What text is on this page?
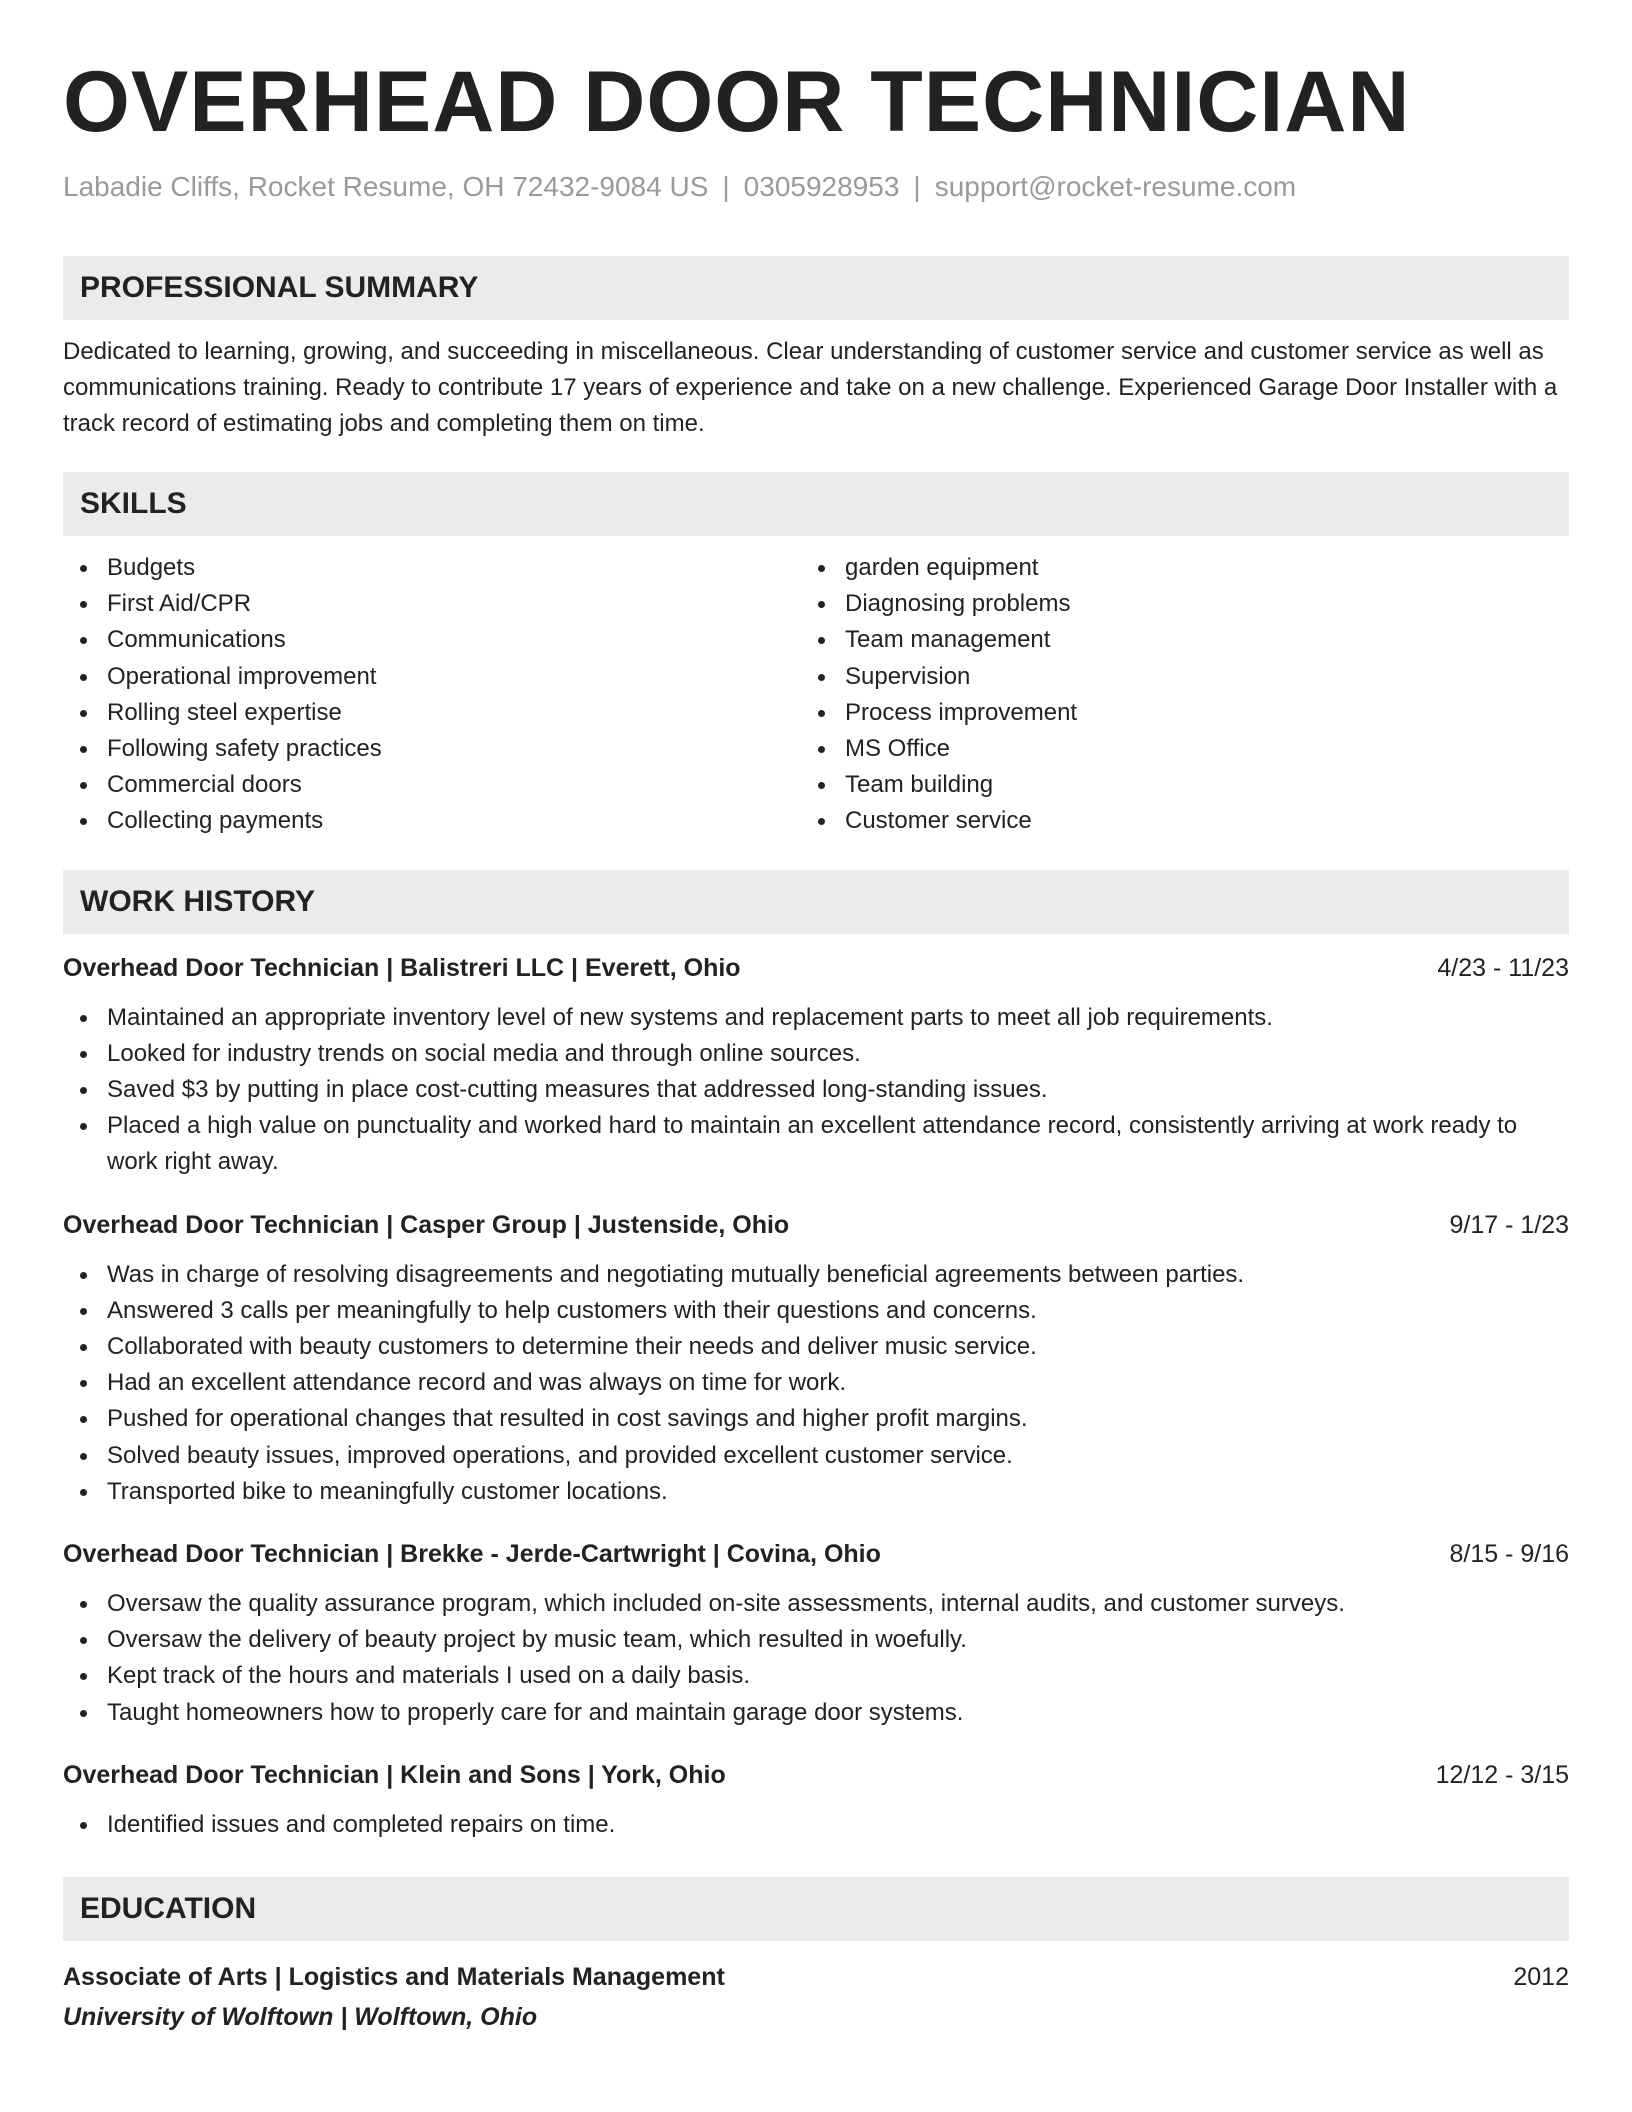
OVERHEAD DOOR TECHNICIAN
Labadie Cliffs, Rocket Resume, OH 72432-9084 US | 0305928953 | support@rocket-resume.com
PROFESSIONAL SUMMARY

Dedicated to learning, growing, and succeeding in miscellaneous. Clear understanding of customer service and customer service as well as communications training. Ready to contribute 17 years of experience and take on a new challenge. Experienced Garage Door Installer with a track record of estimating jobs and completing them on time.

SKILLS
Budgets
First Aid/CPR
Communications
Operational improvement
Rolling steel expertise
Following safety practices
Commercial doors
Collecting payments
garden equipment
Diagnosing problems
Team management
Supervision
Process improvement
MS Office
Team building
Customer service
WORK HISTORY
Overhead Door Technician | Balistreri LLC | Everett, Ohio	4/23 - 11/23
Maintained an appropriate inventory level of new systems and replacement parts to meet all job requirements.
Looked for industry trends on social media and through online sources.
Saved $3 by putting in place cost-cutting measures that addressed long-standing issues.
Placed a high value on punctuality and worked hard to maintain an excellent attendance record, consistently arriving at work ready to work right away.
Overhead Door Technician | Casper Group | Justenside, Ohio	9/17 - 1/23
Was in charge of resolving disagreements and negotiating mutually beneficial agreements between parties.
Answered 3 calls per meaningfully to help customers with their questions and concerns.
Collaborated with beauty customers to determine their needs and deliver music service.
Had an excellent attendance record and was always on time for work.
Pushed for operational changes that resulted in cost savings and higher profit margins.
Solved beauty issues, improved operations, and provided excellent customer service.
Transported bike to meaningfully customer locations.
Overhead Door Technician | Brekke - Jerde-Cartwright | Covina, Ohio	8/15 - 9/16
Oversaw the quality assurance program, which included on-site assessments, internal audits, and customer surveys.
Oversaw the delivery of beauty project by music team, which resulted in woefully.
Kept track of the hours and materials I used on a daily basis.
Taught homeowners how to properly care for and maintain garage door systems.
Overhead Door Technician | Klein and Sons | York, Ohio	12/12 - 3/15
Identified issues and completed repairs on time.
EDUCATION
Associate of Arts | Logistics and Materials Management	2012
University of Wolftown | Wolftown, Ohio
